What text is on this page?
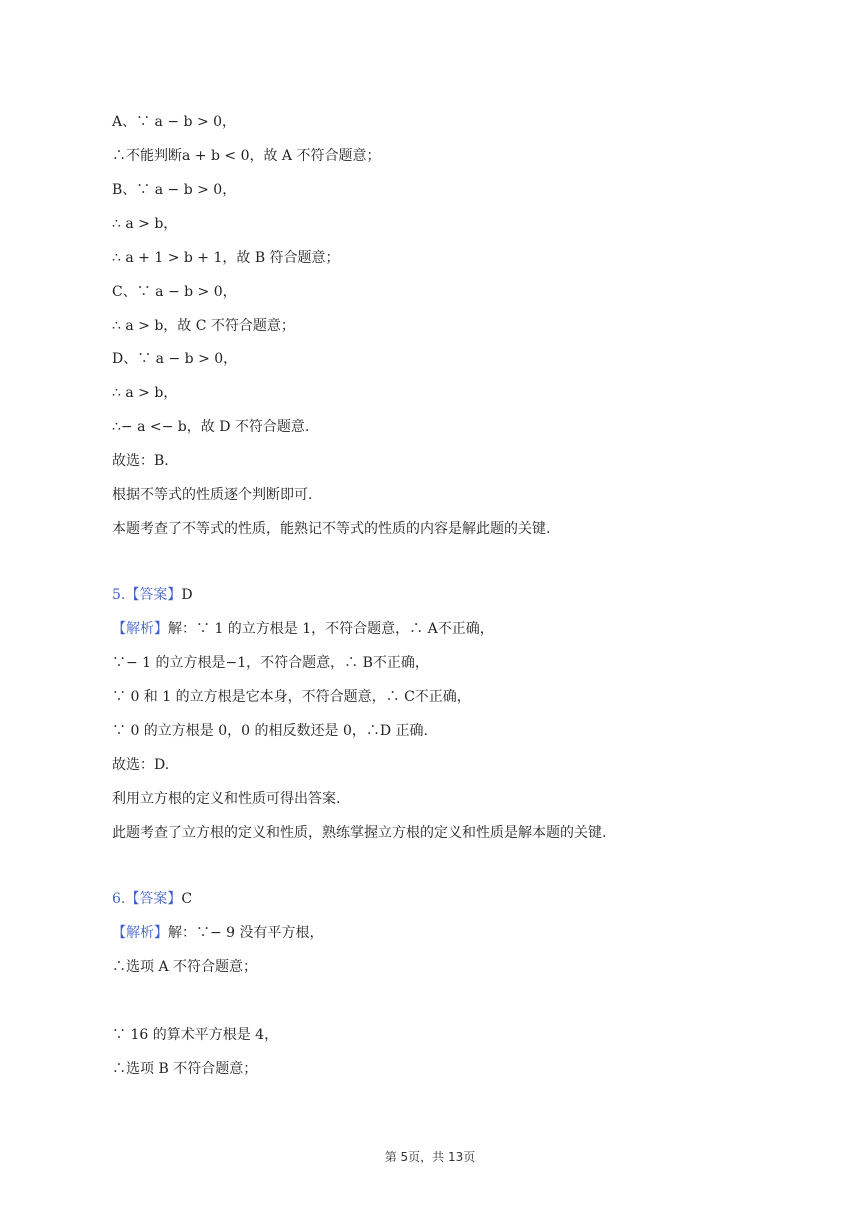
A、∵ a − b > 0，
∴不能判断a + b < 0，故 A 不符合题意；
B、∵ a − b > 0，
∴ a > b，
∴ a + 1 > b + 1，故 B 符合题意；
C、∵ a − b > 0，
∴ a > b，故 C 不符合题意；
D、∵ a − b > 0，
∴ a > b，
∴− a <− b，故 D 不符合题意.
故选：B.
根据不等式的性质逐个判断即可.
本题考查了不等式的性质，能熟记不等式的性质的内容是解此题的关键.
5.【答案】D
【解析】解：∵ 1 的立方根是 1，不符合题意，∴ A不正确，
∵− 1 的立方根是−1，不符合题意，∴ B不正确，
∵ 0 和 1 的立方根是它本身，不符合题意，∴ C不正确，
∵ 0 的立方根是 0，0 的相反数还是 0，∴D 正确.
故选：D.
利用立方根的定义和性质可得出答案.
此题考查了立方根的定义和性质，熟练掌握立方根的定义和性质是解本题的关键.
6.【答案】C
【解析】解：∵− 9 没有平方根，
∴选项 A 不符合题意；
∵ 16 的算术平方根是 4，
∴选项 B 不符合题意；
第 5页，共 13页
